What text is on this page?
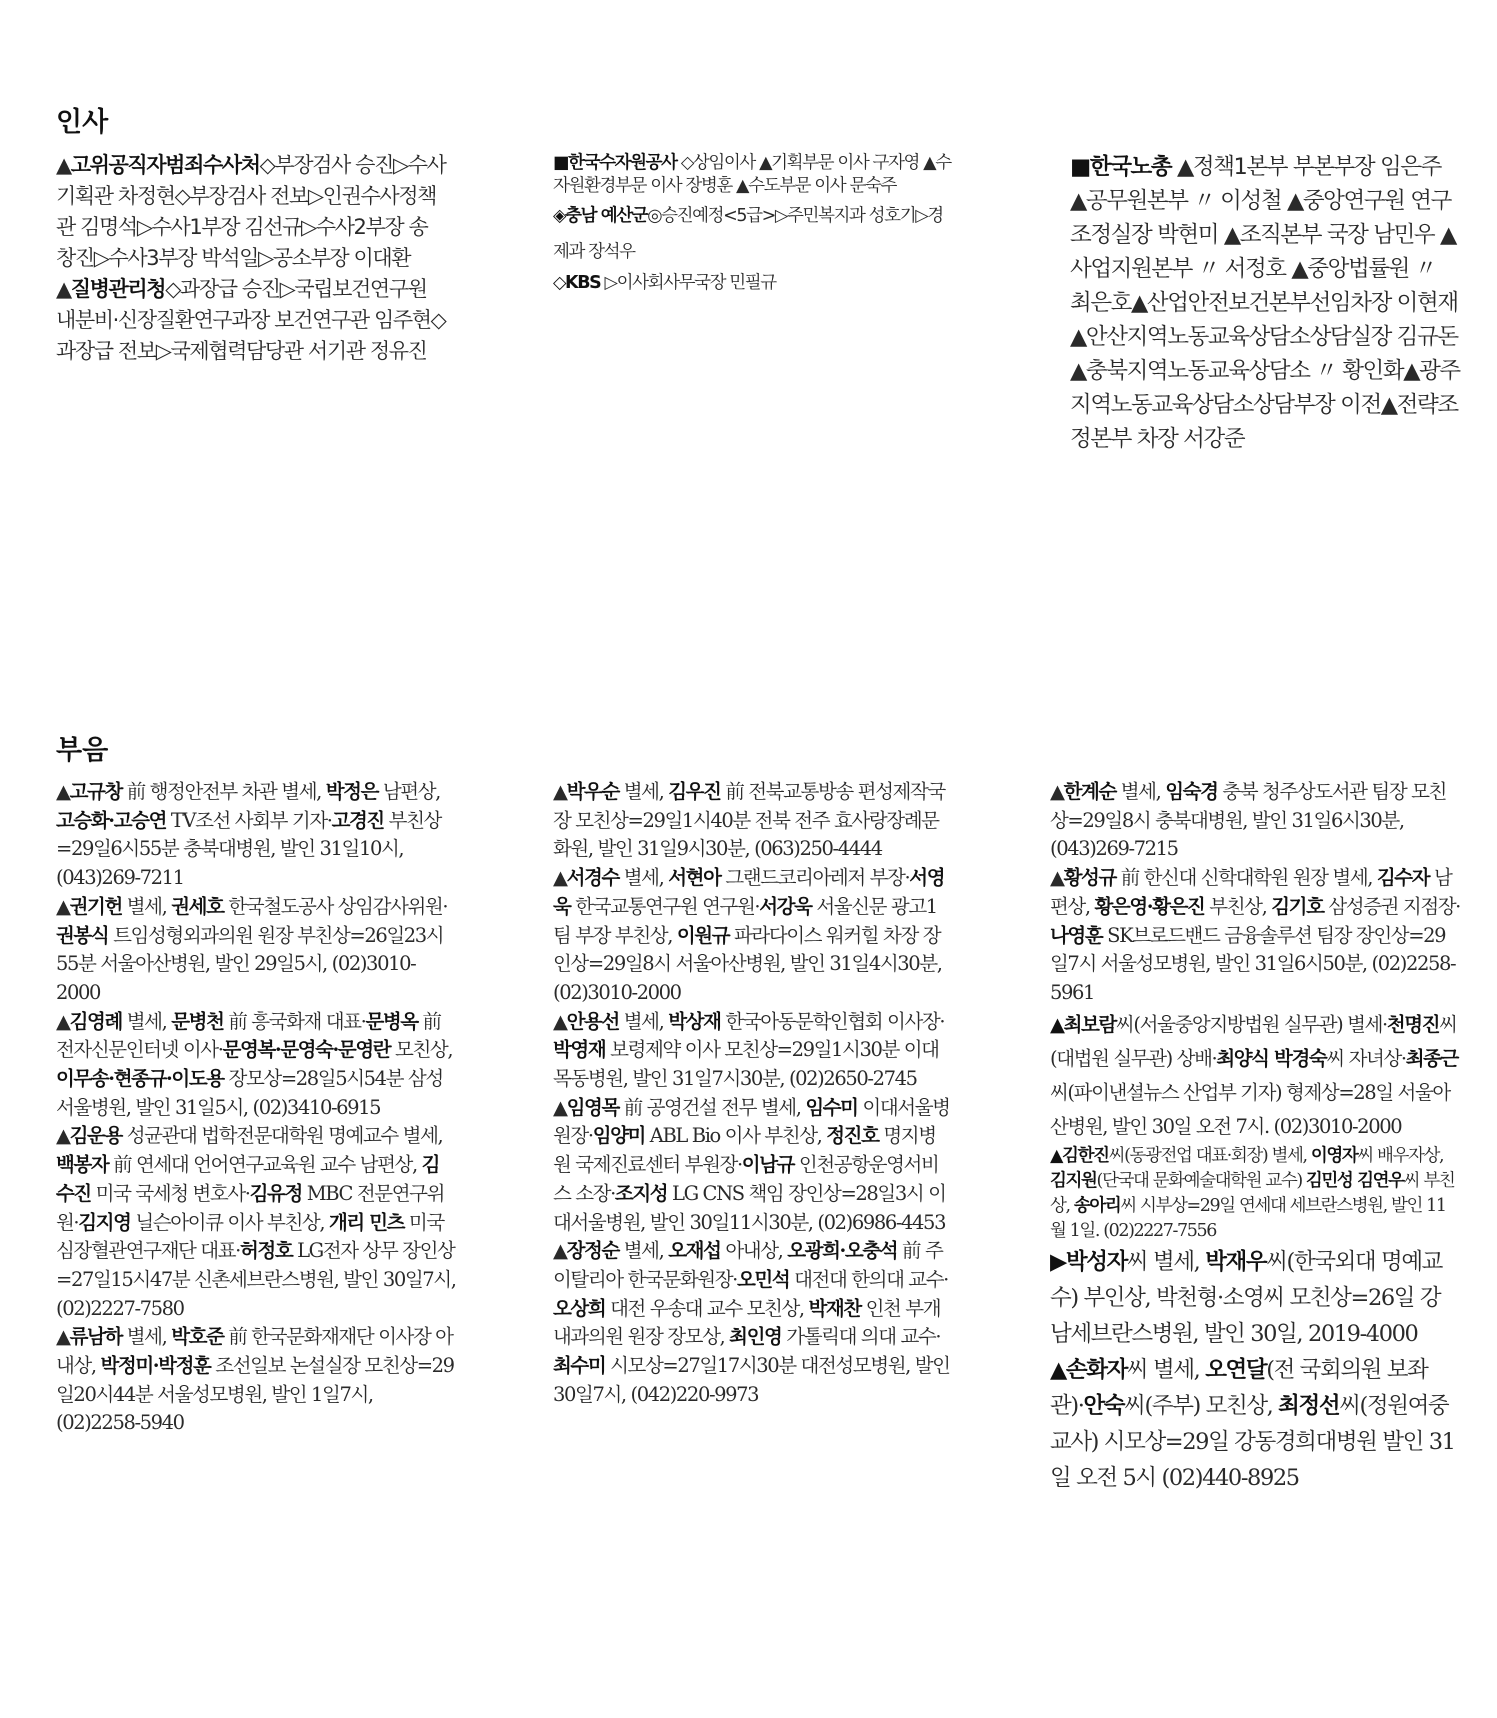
인사

▲고위공직자범죄수사처◇부장검사 승진▷수사기획관 차정현◇부장검사 전보▷인권수사정책관 김명석▷수사1부장 김선규▷수사2부장 송창진▷수사3부장 박석일▷공소부장 이대환

▲질병관리청◇과장급 승진▷국립보건연구원 내분비·신장질환연구과장 보건연구관 임주현◇과장급 전보▷국제협력담당관 서기관 정유진

■한국수자원공사 ◇상임이사 ▲기획부문 이사 구자영 ▲수자원환경부문 이사 장병훈 ▲수도부문 이사 문숙주

◈충남 예산군◎승진예정<5급>▷주민복지과 성호기▷경제과 장석우

◇KBS ▷이사회사무국장 민필규

■한국노총 ▲정책1본부 부본부장 임은주 ▲공무원본부 〃 이성철 ▲중앙연구원 연구조정실장 박현미 ▲조직본부 국장 남민우 ▲사업지원본부 〃 서정호 ▲중앙법률원 〃 최은호▲산업안전보건본부선임차장 이현재▲안산지역노동교육상담소상담실장 김규돈▲충북지역노동교육상담소 〃 황인화▲광주지역노동교육상담소상담부장 이전▲전략조정본부 차장 서강준

부음

▲고규창 前 행정안전부 차관 별세, 박정은 남편상, 고승화·고승연 TV조선 사회부 기자·고경진 부친상=29일6시55분 충북대병원, 발인 31일10시, (043)269-7211

▲권기헌 별세, 권세호 한국철도공사 상임감사위원·권봉식 트임성형외과의원 원장 부친상=26일23시55분 서울아산병원, 발인 29일5시, (02)3010-2000

▲김영례 별세, 문병천 前 흥국화재 대표·문병옥 前 전자신문인터넷 이사·문영복·문영숙·문영란 모친상, 이무송·현종규·이도용 장모상=28일5시54분 삼성서울병원, 발인 31일5시, (02)3410-6915

▲김운용 성균관대 법학전문대학원 명예교수 별세, 백봉자 前 연세대 언어연구교육원 교수 남편상, 김수진 미국 국세청 변호사·김유정 MBC 전문연구위원·김지영 닐슨아이큐 이사 부친상, 개리 민츠 미국 심장혈관연구재단 대표·허정호 LG전자 상무 장인상=27일15시47분 신촌세브란스병원, 발인 30일7시, (02)2227-7580

▲류남하 별세, 박호준 前 한국문화재재단 이사장 아내상, 박정미·박정훈 조선일보 논설실장 모친상=29일20시44분 서울성모병원, 발인 1일7시, (02)2258-5940

▲박우순 별세, 김우진 前 전북교통방송 편성제작국장 모친상=29일1시40분 전북 전주 효사랑장례문화원, 발인 31일9시30분, (063)250-4444

▲서경수 별세, 서현아 그랜드코리아레저 부장·서영욱 한국교통연구원 연구원·서강욱 서울신문 광고1팀 부장 부친상, 이원규 파라다이스 워커힐 차장 장인상=29일8시 서울아산병원, 발인 31일4시30분, (02)3010-2000

▲안용선 별세, 박상재 한국아동문학인협회 이사장·박영재 보령제약 이사 모친상=29일1시30분 이대목동병원, 발인 31일7시30분, (02)2650-2745

▲임영목 前 공영건설 전무 별세, 임수미 이대서울병원장·임양미 ABL Bio 이사 부친상, 정진호 명지병원 국제진료센터 부원장·이남규 인천공항운영서비스 소장·조지성 LG CNS 책임 장인상=28일3시 이대서울병원, 발인 30일11시30분, (02)6986-4453

▲장정순 별세, 오재섭 아내상, 오광희·오충석 前 주이탈리아 한국문화원장·오민석 대전대 한의대 교수·오상희 대전 우송대 교수 모친상, 박재찬 인천 부개내과의원 원장 장모상, 최인영 가톨릭대 의대 교수·최수미 시모상=27일17시30분 대전성모병원, 발인 30일7시, (042)220-9973

▲한계순 별세, 임숙경 충북 청주상도서관 팀장 모친상=29일8시 충북대병원, 발인 31일6시30분, (043)269-7215

▲황성규 前 한신대 신학대학원 원장 별세, 김수자 남편상, 황은영·황은진 부친상, 김기호 삼성증권 지점장·나영훈 SK브로드밴드 금융솔루션 팀장 장인상=29일7시 서울성모병원, 발인 31일6시50분, (02)2258-5961

▲최보람씨(서울중앙지방법원 실무관) 별세·천명진씨(대법원 실무관) 상배·최양식 박경숙씨 자녀상·최종근씨(파이낸셜뉴스 산업부 기자) 형제상=28일 서울아산병원, 발인 30일 오전 7시. (02)3010-2000

▲김한진씨(동광전업 대표·회장) 별세, 이영자씨 배우자상, 김지원(단국대 문화예술대학원 교수) 김민성 김연우씨 부친상, 송아리씨 시부상=29일 연세대 세브란스병원, 발인 11월 1일. (02)2227-7556

▶박성자씨 별세, 박재우씨(한국외대 명예교수) 부인상, 박천형·소영씨 모친상=26일 강남세브란스병원, 발인 30일, 2019-4000

▲손화자씨 별세, 오연달(전 국회의원 보좌관)·안숙씨(주부) 모친상, 최정선씨(정원여중 교사) 시모상=29일 강동경희대병원 발인 31일 오전 5시 (02)440-8925
